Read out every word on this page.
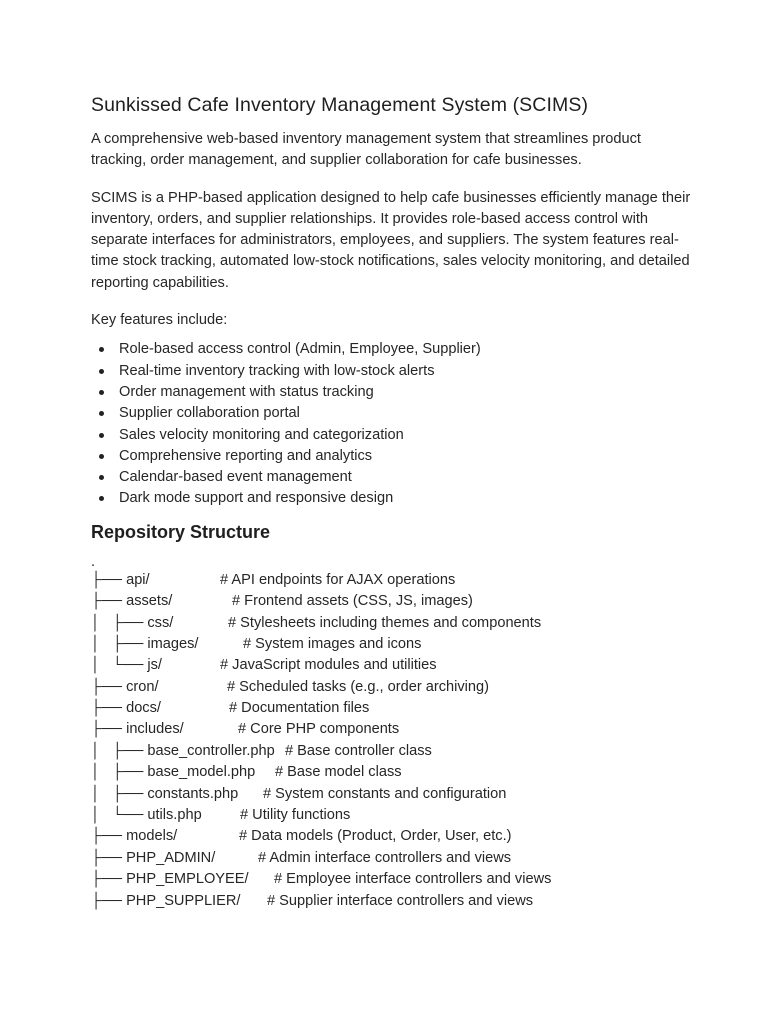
Sunkissed Cafe Inventory Management System (SCIMS)

A comprehensive web-based inventory management system that streamlines product tracking, order management, and supplier collaboration for cafe businesses.

SCIMS is a PHP-based application designed to help cafe businesses efficiently manage their inventory, orders, and supplier relationships. It provides role-based access control with separate interfaces for administrators, employees, and suppliers. The system features real-time stock tracking, automated low-stock notifications, sales velocity monitoring, and detailed reporting capabilities.

Key features include:

Role-based access control (Admin, Employee, Supplier)
Real-time inventory tracking with low-stock alerts
Order management with status tracking
Supplier collaboration portal
Sales velocity monitoring and categorization
Comprehensive reporting and analytics
Calendar-based event management
Dark mode support and responsive design
Repository Structure
.
├── api/	# API endpoints for AJAX operations
├── assets/	# Frontend assets (CSS, JS, images)
│   ├── css/	# Stylesheets including themes and components
│   ├── images/	# System images and icons
│   └── js/	# JavaScript modules and utilities
├── cron/	# Scheduled tasks (e.g., order archiving)
├── docs/	# Documentation files
├── includes/	# Core PHP components
│   ├── base_controller.php # Base controller class
│   ├── base_model.php # Base model class
│   ├── constants.php # System constants and configuration
│   └── utils.php	# Utility functions
├── models/	# Data models (Product, Order, User, etc.)
├── PHP_ADMIN/	# Admin interface controllers and views
├── PHP_EMPLOYEE/ # Employee interface controllers and views
├── PHP_SUPPLIER/ # Supplier interface controllers and views
